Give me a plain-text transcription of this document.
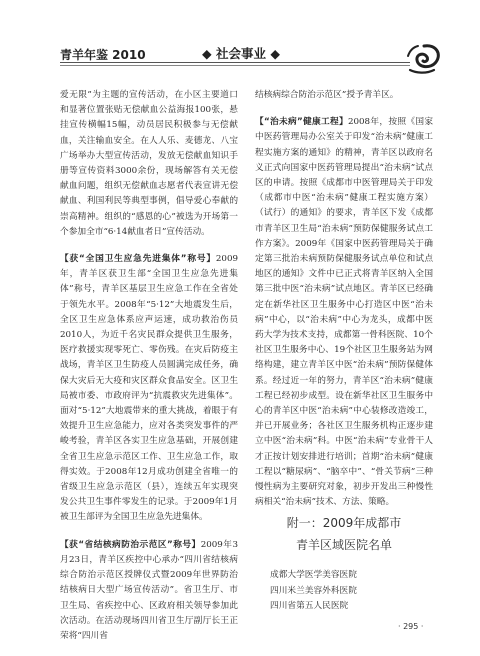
青羊年鉴 2010	◆ 社会事业 ◆

爱无限”为主题的宣传活动，在小区主要道口和显著位置张贴无偿献血公益海报100张，悬挂宣传横幅15幅，动员居民积极参与无偿献血，关注输血安全。在人人乐、麦德龙、八宝广场举办大型宣传活动，发放无偿献血知识手册等宣传资料3000余份，现场解答有关无偿献血问题，组织无偿献血志愿者代表宣讲无偿献血、利国利民等典型事例，倡导爱心奉献的崇高精神。组织的“感恩的心”被选为开场第一个参加全市“6·14献血者日”宣传活动。

【获“全国卫生应急先进集体”称号】2009年，青羊区获卫生部“全国卫生应急先进集体”称号，青羊区基层卫生应急工作在全省处于领先水平。2008年“5·12”大地震发生后，全区卫生应急体系应声运速，成功救治伤员2010人，为近千名灾民群众提供卫生服务，医疗救援实现零死亡、零伤残。在灾后防疫主战场，青羊区卫生防疫人员圆满完成任务，确保大灾后无大疫和灾区群众食品安全。区卫生局被市委、市政府评为“抗震救灾先进集体”。面对“5·12”大地震带来的重大挑战，着眼于有效提升卫生应急能力，应对各类突发事件的严峻考验，青羊区各实卫生应急基础，开展创建全省卫生应急示范区工作、卫生应急工作，取得实效。于2008年12月成功创建全省唯一的省级卫生应急示范区（县），连续五年实现突发公共卫生事件零发生的记录。于2009年1月被卫生部评为全国卫生应急先进集体。

【获“省结核病防治示范区”称号】2009年3月23日，青羊区疾控中心承办“四川省结核病综合防治示范区授牌仪式暨2009年世界防治结核病日大型广场宣传活动”。省卫生厅、市卫生局、省疾控中心、区政府相关领导参加此次活动。在活动现场四川省卫生厅副厅长王正荣将“四川省

结核病综合防治示范区”授予青羊区。

【“治未病”健康工程】2008年，按照《国家中医药管理局办公室关于印发“治未病”健康工程实施方案的通知》的精神，青羊区以政府名义正式向国家中医药管理局提出“治未病”试点区的申请。按照《成都市中医管理局关于印发（成都市中医“治未病”健康工程实施方案）（试行）的通知》的要求，青羊区下发《成都市青羊区卫生局“治未病”预防保健服务试点工作方案》。2009年《国家中医药管理局关于确定第三批治未病预防保健服务试点单位和试点地区的通知》文件中已正式将青羊区纳入全国第三批中医“治未病”试点地区。青羊区已经确定在新华社区卫生服务中心打造区中医“治未病”中心，以“治未病”中心为龙头，成都中医药大学为技术支持，成都第一骨科医院、10个社区卫生服务中心、19个社区卫生服务站为网络构建，建立青羊区中医“治未病”预防保健体系。经过近一年的努力，青羊区“治未病”健康工程已经初步成型。设在新华社区卫生服务中心的青羊区中医“治未病”中心装修改造竣工，并已开展业务；各社区卫生服务机构正逐步建立中医“治未病”科。中医“治未病”专业骨干人才正按计划安排进行培训；首期“治未病”健康工程以“糖尿病”、“脑卒中”、“骨关节病”三种慢性病为主要研究对象，初步开发出三种慢性病相关“治未病”技术、方法、策略。

附一：2009年成都市
青羊区域医院名单
成都大学医学美容医院
四川米兰美容外科医院
四川省第五人民医院
· 295 ·
